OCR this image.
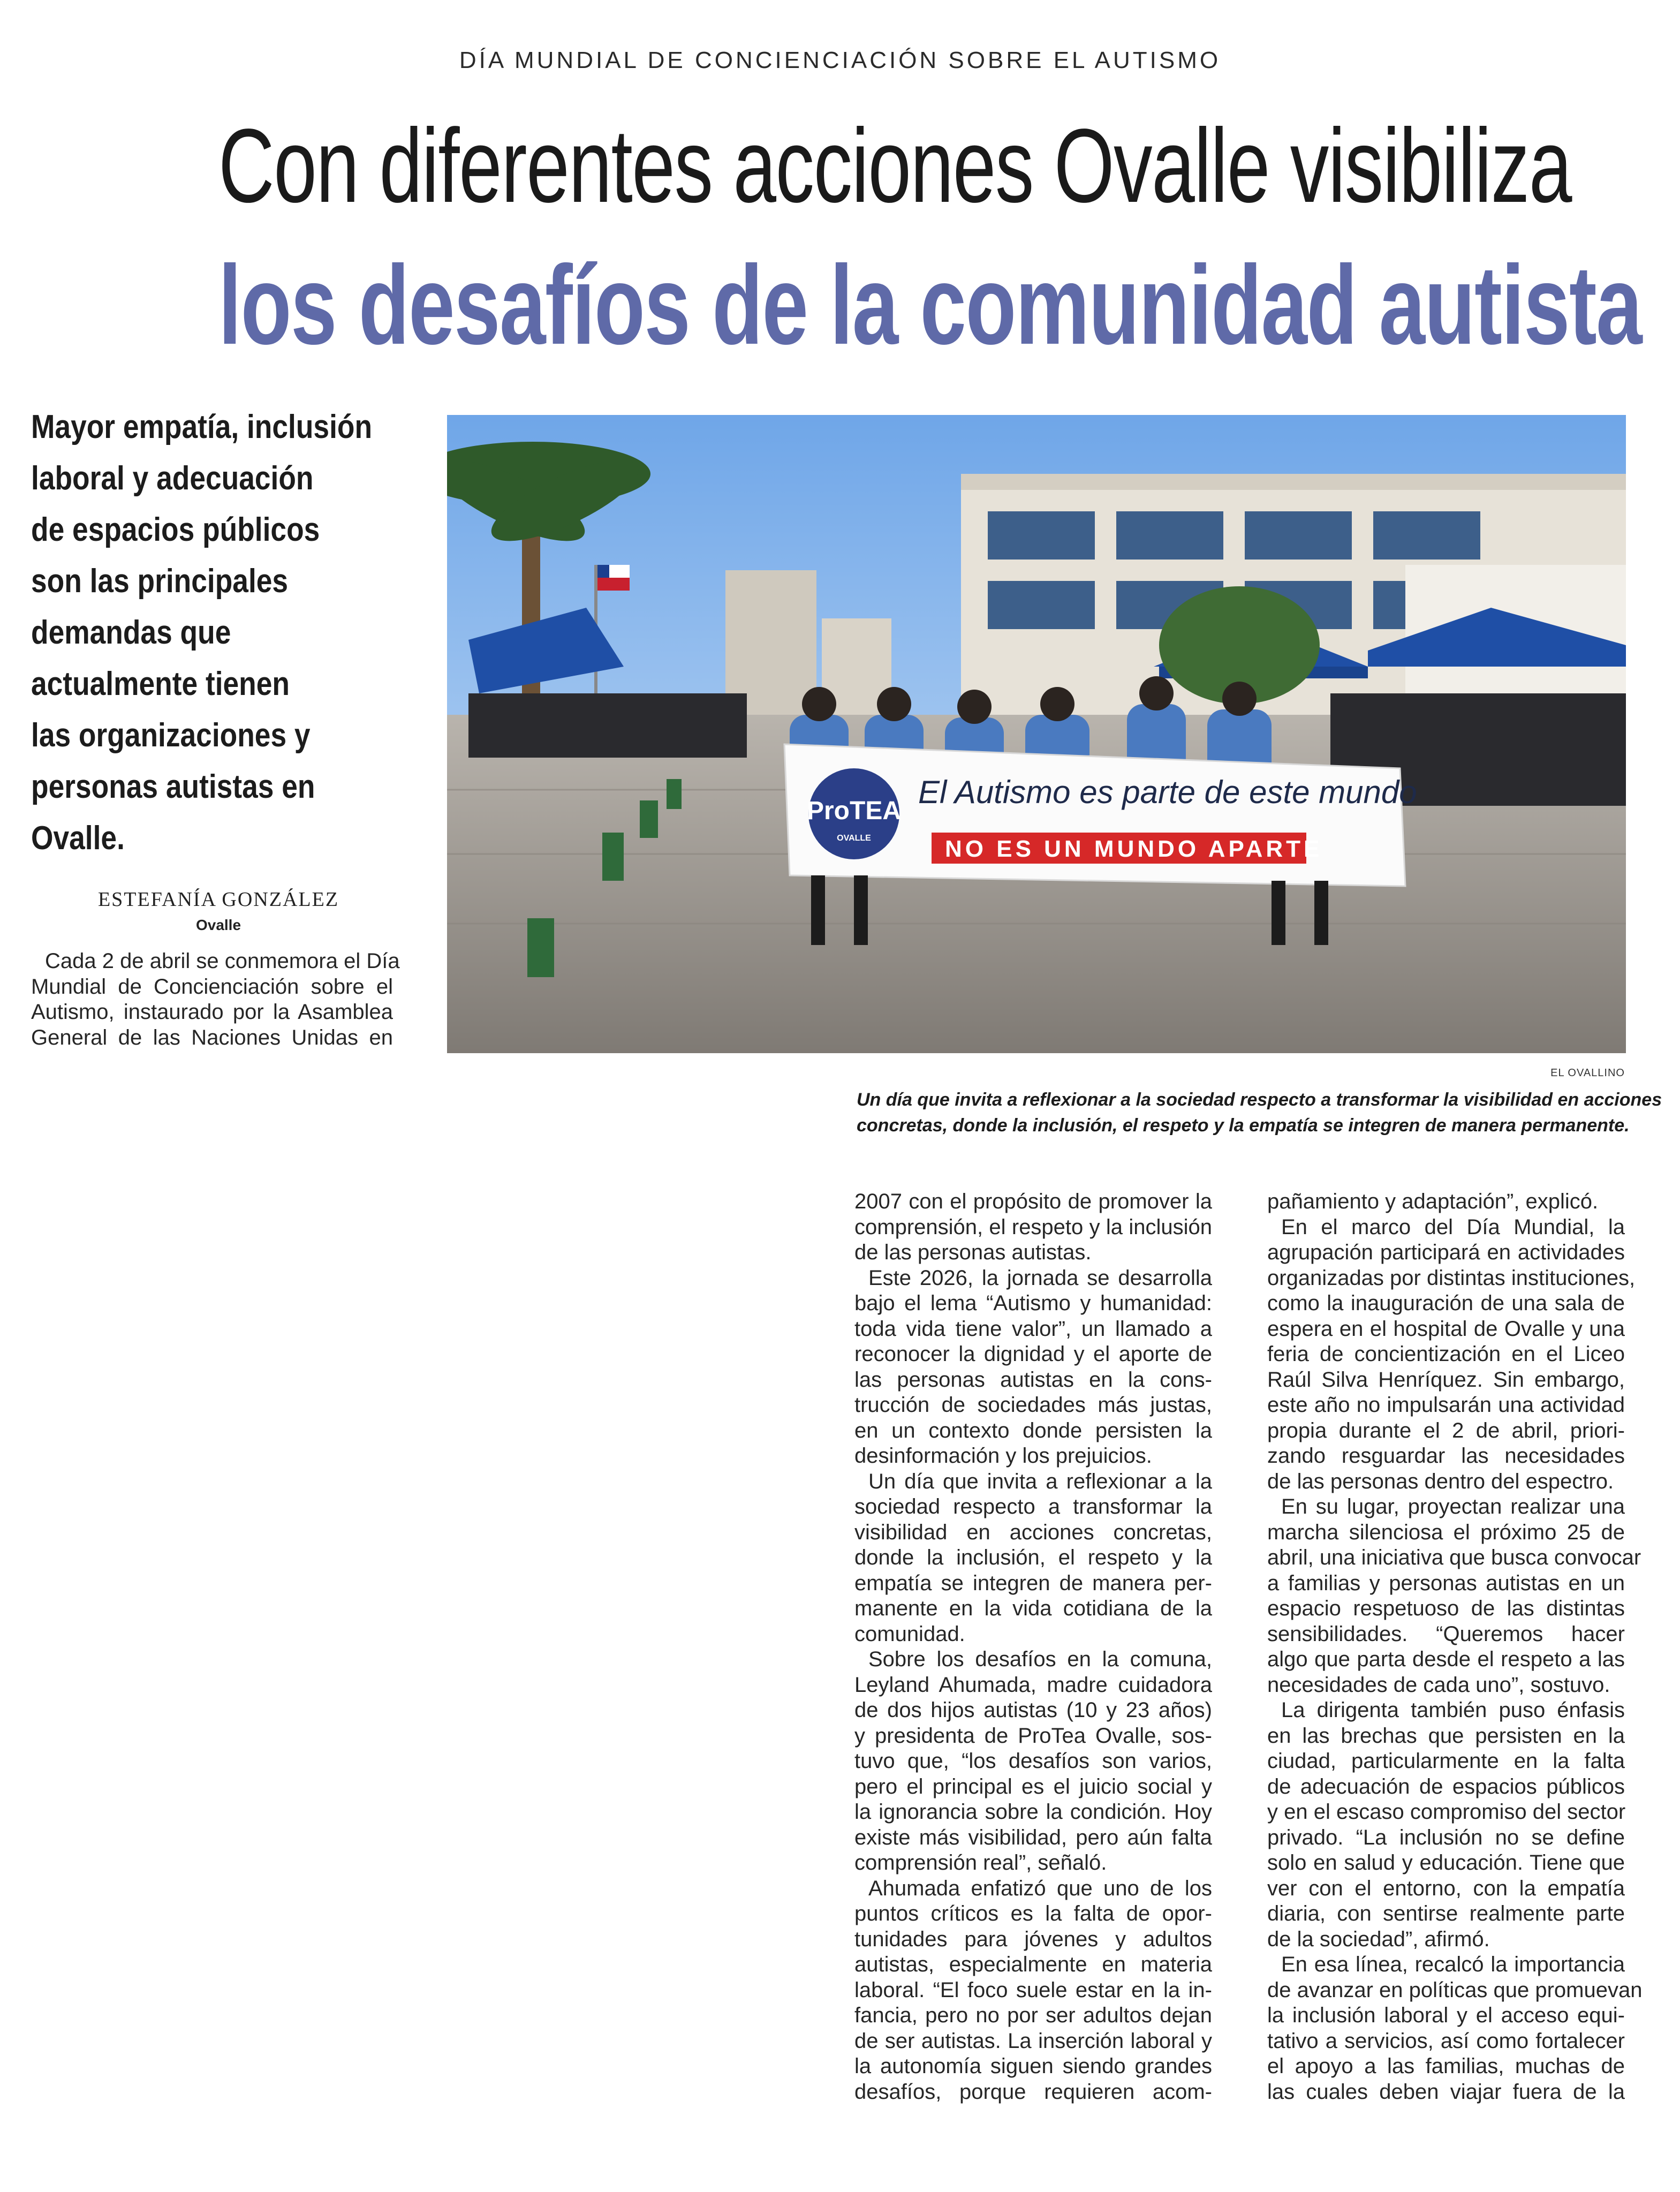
DÍA MUNDIAL DE CONCIENCIACIÓN SOBRE EL AUTISMO
Con diferentes acciones Ovalle visibiliza
los desafíos de la comunidad autista
Mayor empatía, inclusión
laboral y adecuación
de espacios públicos
son las principales
demandas que
actualmente tienen
las organizaciones y
personas autistas en
Ovalle.
ESTEFANÍA GONZÁLEZ
Ovalle
Cada 2 de abril se conmemora el Día
Mundial de Concienciación sobre el
Autismo, instaurado por la Asamblea
General de las Naciones Unidas en
ProTEA
OVALLE
El Autismo es parte de este mundo
NO ES UN MUNDO APARTE
EL OVALLINO
Un día que invita a reflexionar a la sociedad respecto a transformar la visibilidad en acciones
concretas, donde la inclusión, el respeto y la empatía se integren de manera permanente.
2007 con el propósito de promover la
comprensión, el respeto y la inclusión
de las personas autistas.
Este 2026, la jornada se desarrolla
bajo el lema “Autismo y humanidad:
toda vida tiene valor”, un llamado a
reconocer la dignidad y el aporte de
las personas autistas en la cons-
trucción de sociedades más justas,
en un contexto donde persisten la
desinformación y los prejuicios.
Un día que invita a reflexionar a la
sociedad respecto a transformar la
visibilidad en acciones concretas,
donde la inclusión, el respeto y la
empatía se integren de manera per-
manente en la vida cotidiana de la
comunidad.
Sobre los desafíos en la comuna,
Leyland Ahumada, madre cuidadora
de dos hijos autistas (10 y 23 años)
y presidenta de ProTea Ovalle, sos-
tuvo que, “los desafíos son varios,
pero el principal es el juicio social y
la ignorancia sobre la condición. Hoy
existe más visibilidad, pero aún falta
comprensión real”, señaló.
Ahumada enfatizó que uno de los
puntos críticos es la falta de opor-
tunidades para jóvenes y adultos
autistas, especialmente en materia
laboral. “El foco suele estar en la in-
fancia, pero no por ser adultos dejan
de ser autistas. La inserción laboral y
la autonomía siguen siendo grandes
desafíos, porque requieren acom-
pañamiento y adaptación”, explicó.
En el marco del Día Mundial, la
agrupación participará en actividades
organizadas por distintas instituciones,
como la inauguración de una sala de
espera en el hospital de Ovalle y una
feria de concientización en el Liceo
Raúl Silva Henríquez. Sin embargo,
este año no impulsarán una actividad
propia durante el 2 de abril, priori-
zando resguardar las necesidades
de las personas dentro del espectro.
En su lugar, proyectan realizar una
marcha silenciosa el próximo 25 de
abril, una iniciativa que busca convocar
a familias y personas autistas en un
espacio respetuoso de las distintas
sensibilidades. “Queremos hacer
algo que parta desde el respeto a las
necesidades de cada uno”, sostuvo.
La dirigenta también puso énfasis
en las brechas que persisten en la
ciudad, particularmente en la falta
de adecuación de espacios públicos
y en el escaso compromiso del sector
privado. “La inclusión no se define
solo en salud y educación. Tiene que
ver con el entorno, con la empatía
diaria, con sentirse realmente parte
de la sociedad”, afirmó.
En esa línea, recalcó la importancia
de avanzar en políticas que promuevan
la inclusión laboral y el acceso equi-
tativo a servicios, así como fortalecer
el apoyo a las familias, muchas de
las cuales deben viajar fuera de la
